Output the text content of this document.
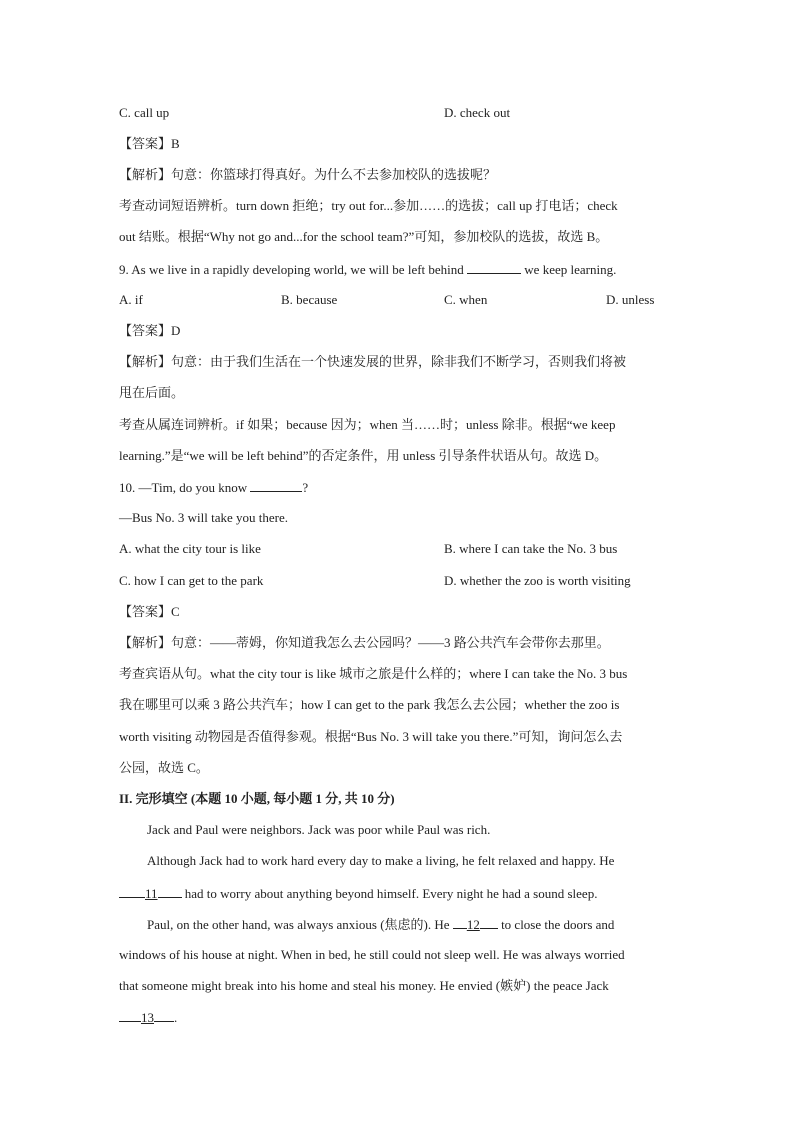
C. call up	D. check out
【答案】B
【解析】句意：你篮球打得真好。为什么不去参加校队的选拔呢？
考查动词短语辨析。turn down 拒绝；try out for...参加……的选拔；call up 打电话；check
out 结账。根据“Why not go and...for the school team?”可知，参加校队的选拔，故选 B。
9. As we live in a rapidly developing world, we will be left behind	we keep learning.
A. if	B. because	C. when	D. unless
【答案】D
【解析】句意：由于我们生活在一个快速发展的世界，除非我们不断学习，否则我们将被
甩在后面。
考查从属连词辨析。if 如果；because 因为；when 当……时；unless 除非。根据“we keep
learning.”是“we will be left behind”的否定条件，用 unless 引导条件状语从句。故选 D。
10. —Tim, do you know	?
—Bus No. 3 will take you there.
A. what the city tour is like	B. where I can take the No. 3 bus
C. how I can get to the park	D. whether the zoo is worth visiting
【答案】C
【解析】句意：——蒂姆，你知道我怎么去公园吗？——3 路公共汽车会带你去那里。
考查宾语从句。what the city tour is like 城市之旅是什么样的；where I can take the No. 3 bus
我在哪里可以乘 3 路公共汽车；how I can get to the park 我怎么去公园；whether the zoo is
worth visiting 动物园是否值得参观。根据“Bus No. 3 will take you there.”可知，询问怎么去
公园，故选 C。
II. 完形填空 (本题 10 小题, 每小题 1 分, 共 10 分)
Jack and Paul were neighbors. Jack was poor while Paul was rich.
Although Jack had to work hard every day to make a living, he felt relaxed and happy. He
11 had to worry about anything beyond himself. Every night he had a sound sleep.
Paul, on the other hand, was always anxious (焦虑的). He 12 to close the doors and
windows of his house at night. When in bed, he still could not sleep well. He was always worried
that someone might break into his home and steal his money. He envied (嫉妒) the peace Jack
13 .
